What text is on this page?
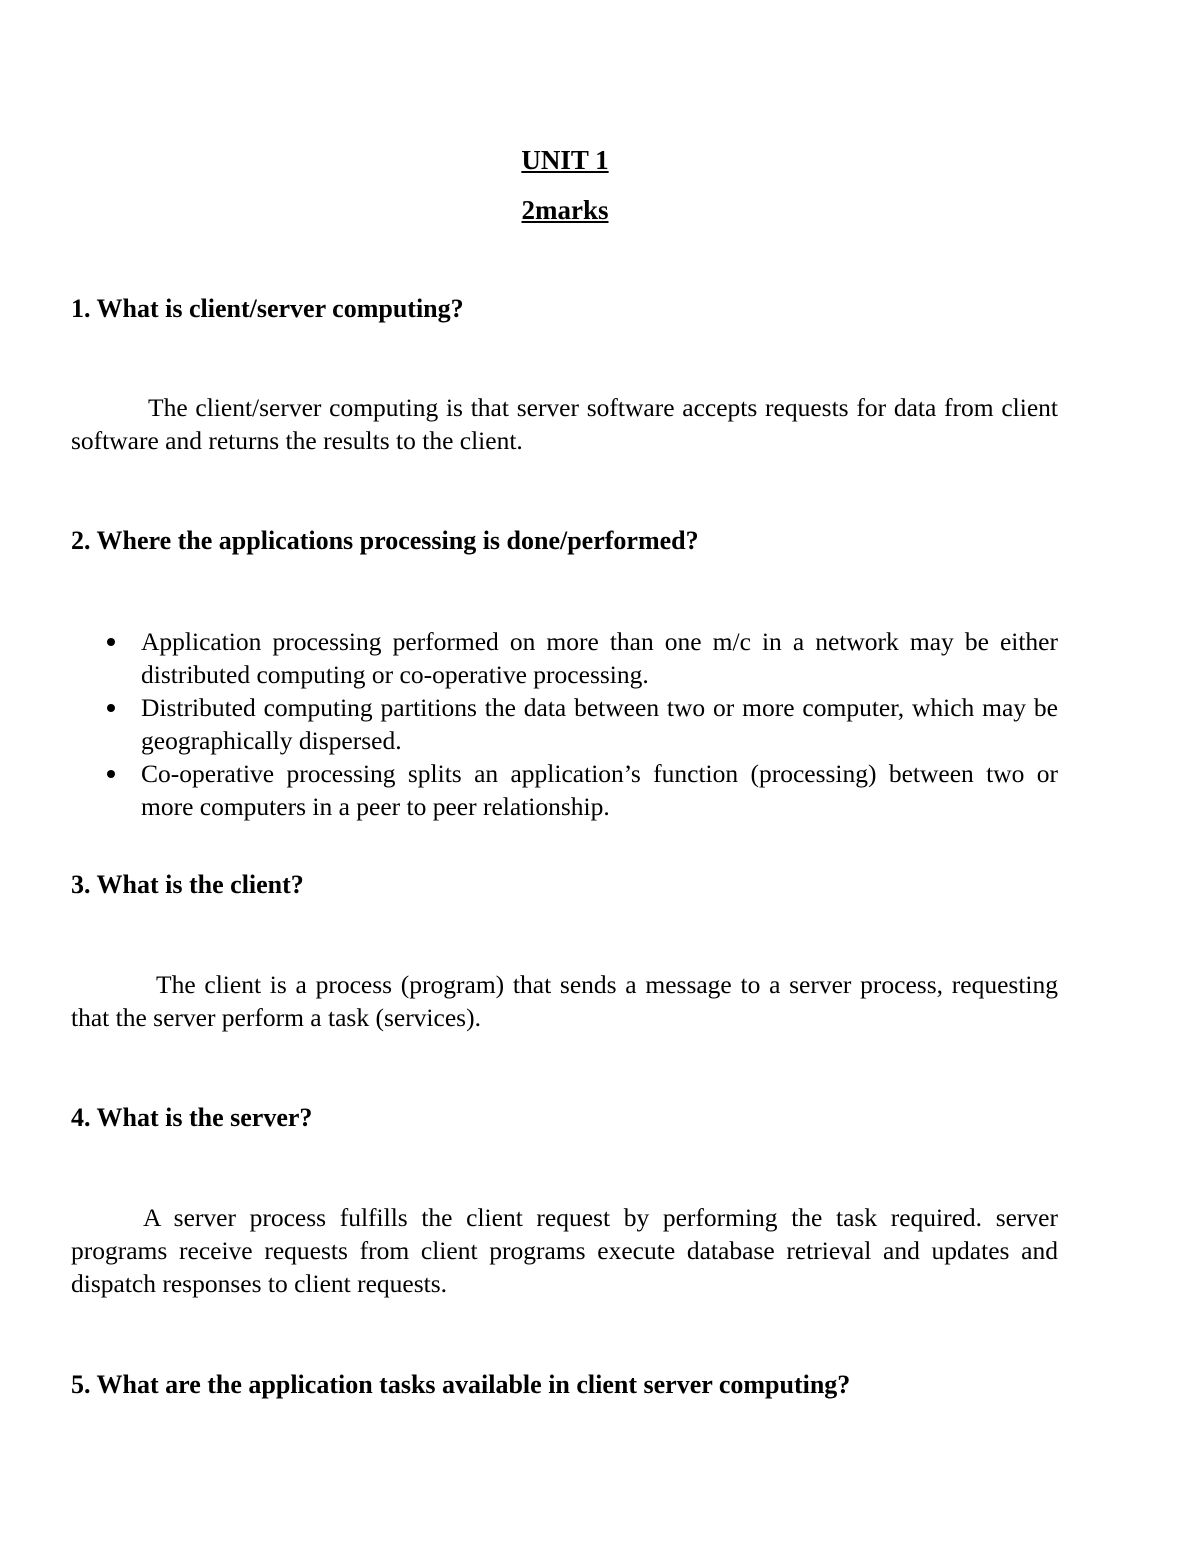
UNIT 1
2marks
1. What is client/server computing?

The client/server computing is that server software accepts requests for data from client software and returns the results to the client.

2. Where the applications processing is done/performed?
Application processing performed on more than one m/c in a network may be either distributed computing or co-operative processing.
Distributed computing partitions the data between two or more computer, which may be geographically dispersed.
Co-operative processing splits an application’s function (processing) between two or more computers in a peer to peer relationship.
3. What is the client?

The client is a process (program) that sends a message to a server process, requesting that the server perform a task (services).

4. What is the server?

A server process fulfills the client request by performing the task required. server programs receive requests from client programs execute database retrieval and updates and dispatch responses to client requests.

5. What are the application tasks available in client server computing?
